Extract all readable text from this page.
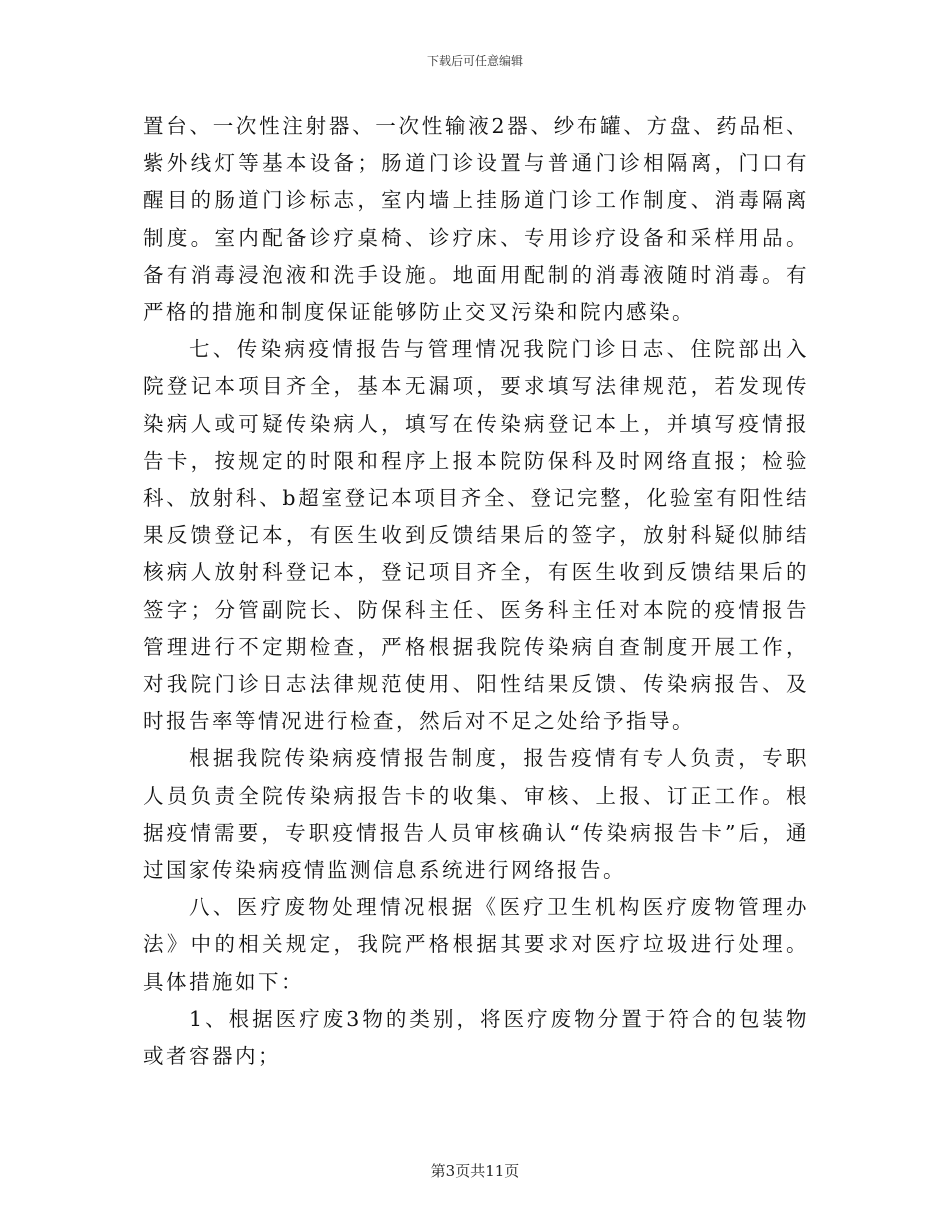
下载后可任意编辑

置台、一次性注射器、一次性输液2器、纱布罐、方盘、药品柜、紫外线灯等基本设备；肠道门诊设置与普通门诊相隔离，门口有醒目的肠道门诊标志，室内墙上挂肠道门诊工作制度、消毒隔离制度。室内配备诊疗桌椅、诊疗床、专用诊疗设备和采样用品。备有消毒浸泡液和洗手设施。地面用配制的消毒液随时消毒。有严格的措施和制度保证能够防止交叉污染和院内感染。

七、传染病疫情报告与管理情况我院门诊日志、住院部出入院登记本项目齐全，基本无漏项，要求填写法律规范，若发现传染病人或可疑传染病人，填写在传染病登记本上，并填写疫情报告卡，按规定的时限和程序上报本院防保科及时网络直报；检验科、放射科、b超室登记本项目齐全、登记完整，化验室有阳性结果反馈登记本，有医生收到反馈结果后的签字，放射科疑似肺结核病人放射科登记本，登记项目齐全，有医生收到反馈结果后的签字；分管副院长、防保科主任、医务科主任对本院的疫情报告管理进行不定期检查，严格根据我院传染病自查制度开展工作，对我院门诊日志法律规范使用、阳性结果反馈、传染病报告、及时报告率等情况进行检查，然后对不足之处给予指导。

根据我院传染病疫情报告制度，报告疫情有专人负责，专职人员负责全院传染病报告卡的收集、审核、上报、订正工作。根据疫情需要，专职疫情报告人员审核确认“传染病报告卡”后，通过国家传染病疫情监测信息系统进行网络报告。

八、医疗废物处理情况根据《医疗卫生机构医疗废物管理办法》中的相关规定，我院严格根据其要求对医疗垃圾进行处理。具体措施如下：

1、根据医疗废3物的类别，将医疗废物分置于符合的包装物或者容器内；

第3页共11页
